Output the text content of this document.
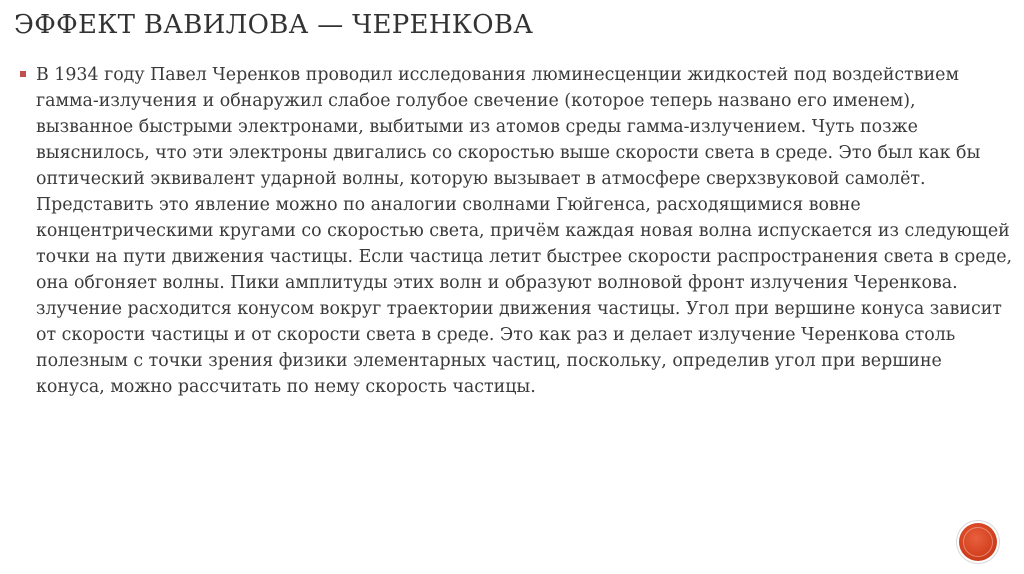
ЭФФЕКТ ВАВИЛОВА — ЧЕРЕНКОВА

В 1934 году Павел Черенков проводил исследования люминесценции жидкостей под воздействием гамма-излучения и обнаружил слабое голубое свечение (которое теперь названо его именем), вызванное быстрыми электронами, выбитыми из атомов среды гамма-излучением. Чуть позже выяснилось, что эти электроны двигались со скоростью выше скорости света в среде. Это был как бы оптический эквивалент ударной волны, которую вызывает в атмосфере сверхзвуковой самолёт. Представить это явление можно по аналогии сволнами Гюйгенса, расходящимися вовне концентрическими кругами со скоростью света, причём каждая новая волна испускается из следующей точки на пути движения частицы. Если частица летит быстрее скорости распространения света в среде, она обгоняет волны. Пики амплитуды этих волн и образуют волновой фронт излучения Черенкова. злучение расходится конусом вокруг траектории движения частицы. Угол при вершине конуса зависит от скорости частицы и от скорости света в среде. Это как раз и делает излучение Черенкова столь полезным с точки зрения физики элементарных частиц, поскольку, определив угол при вершине конуса, можно рассчитать по нему скорость частицы.
